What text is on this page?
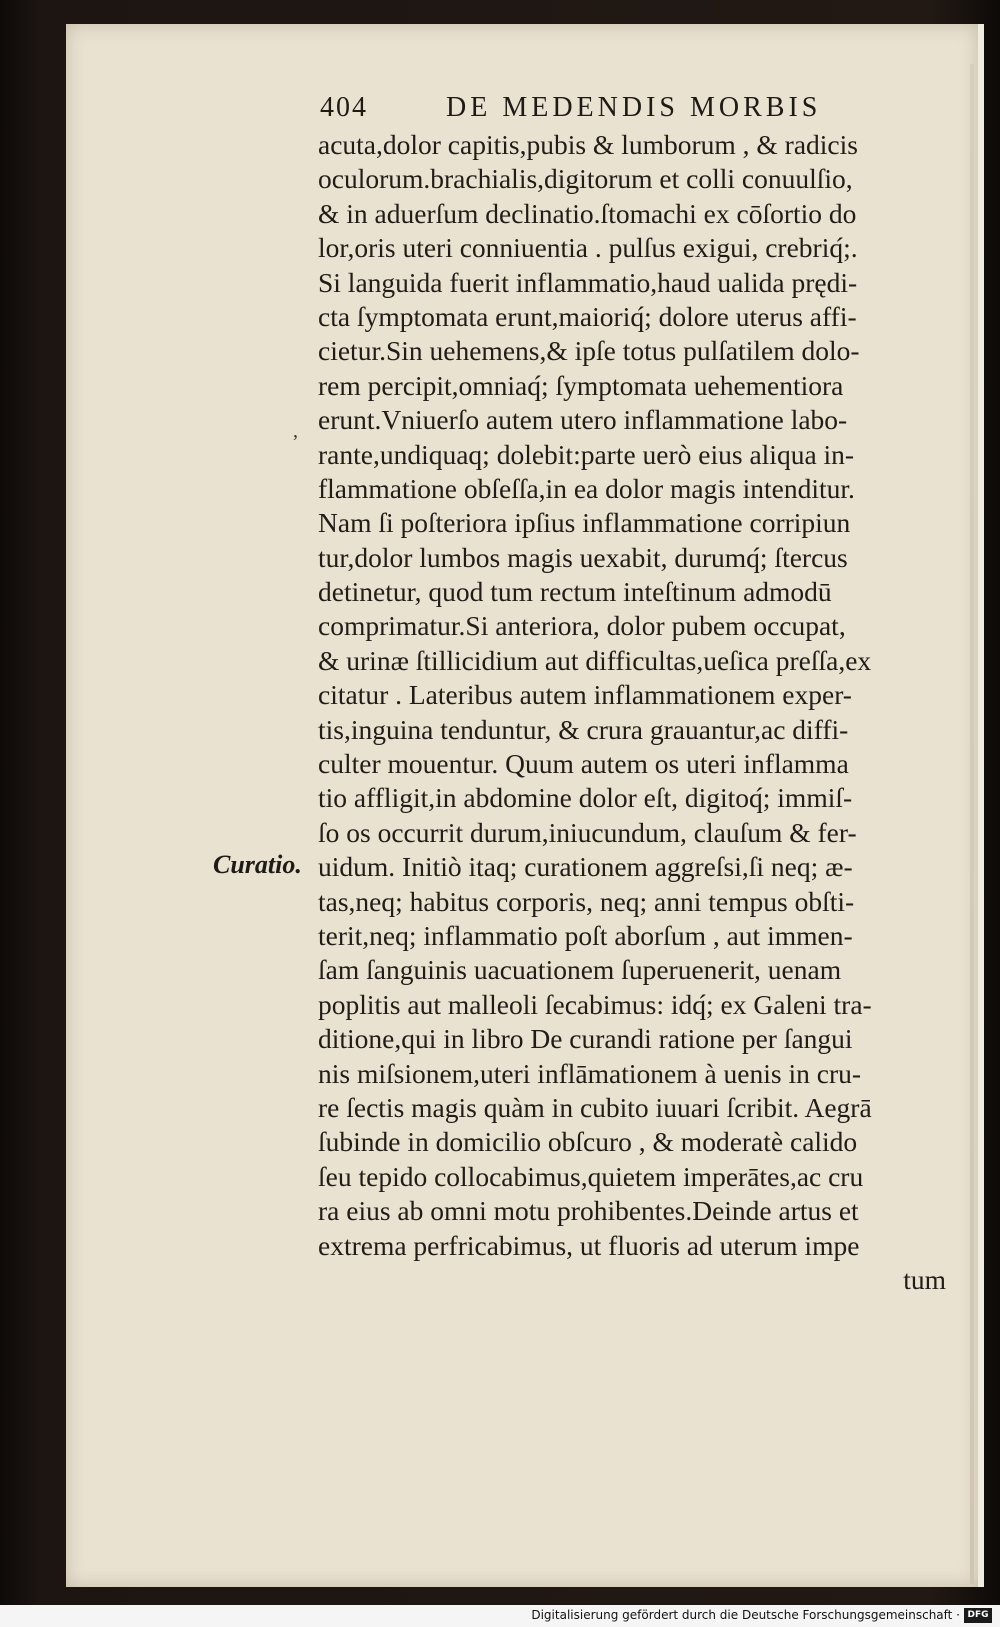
404	DE MEDENDIS MORBIS
,
Curatio.
acuta,dolor capitis,pubis & lumborum , & radicis
oculorum.brachialis,digitorum et colli conuulſio,
& in aduerſum declinatio.ſtomachi ex cōſortio do
lor,oris uteri conniuentia . pulſus exigui, crebriq́;.
Si languida fuerit inflammatio,haud ualida prędi-
cta ſymptomata erunt,maioriq́; dolore uterus affi-
cietur.Sin uehemens,& ipſe totus pulſatilem dolo-
rem percipit,omniaq́; ſymptomata uehementiora
erunt.Vniuerſo autem utero inflammatione labo-
rante,undiquaq; dolebit:parte uerò eius aliqua in-
flammatione obſeſſa,in ea dolor magis intenditur.
Nam ſi poſteriora ipſius inflammatione corripiun
tur,dolor lumbos magis uexabit, durumq́; ſtercus
detinetur, quod tum rectum inteſtinum admodū
comprimatur.Si anteriora, dolor pubem occupat,
& urinæ ſtillicidium aut difficultas,ueſica preſſa,ex
citatur . Lateribus autem inflammationem exper-
tis,inguina tenduntur, & crura grauantur,ac diffi-
culter mouentur. Quum autem os uteri inflamma
tio affligit,in abdomine dolor eſt, digitoq́; immiſ-
ſo os occurrit durum,iniucundum, clauſum & fer-
uidum. Initiò itaq; curationem aggreſsi,ſi neq; æ-
tas,neq; habitus corporis, neq; anni tempus obſti-
terit,neq; inflammatio poſt aborſum , aut immen-
ſam ſanguinis uacuationem ſuperuenerit, uenam
poplitis aut malleoli ſecabimus: idq́; ex Galeni tra-
ditione,qui in libro De curandi ratione per ſangui
nis miſsionem,uteri inflāmationem à uenis in cru-
re ſectis magis quàm in cubito iuuari ſcribit. Aegrā
ſubinde in domicilio obſcuro , & moderatè calido
ſeu tepido collocabimus,quietem imperātes,ac cru
ra eius ab omni motu prohibentes.Deinde artus et
extrema perfricabimus, ut fluoris ad uterum impe
tum
Digitalisierung gefördert durch die Deutsche Forschungsgemeinschaft · DFG
